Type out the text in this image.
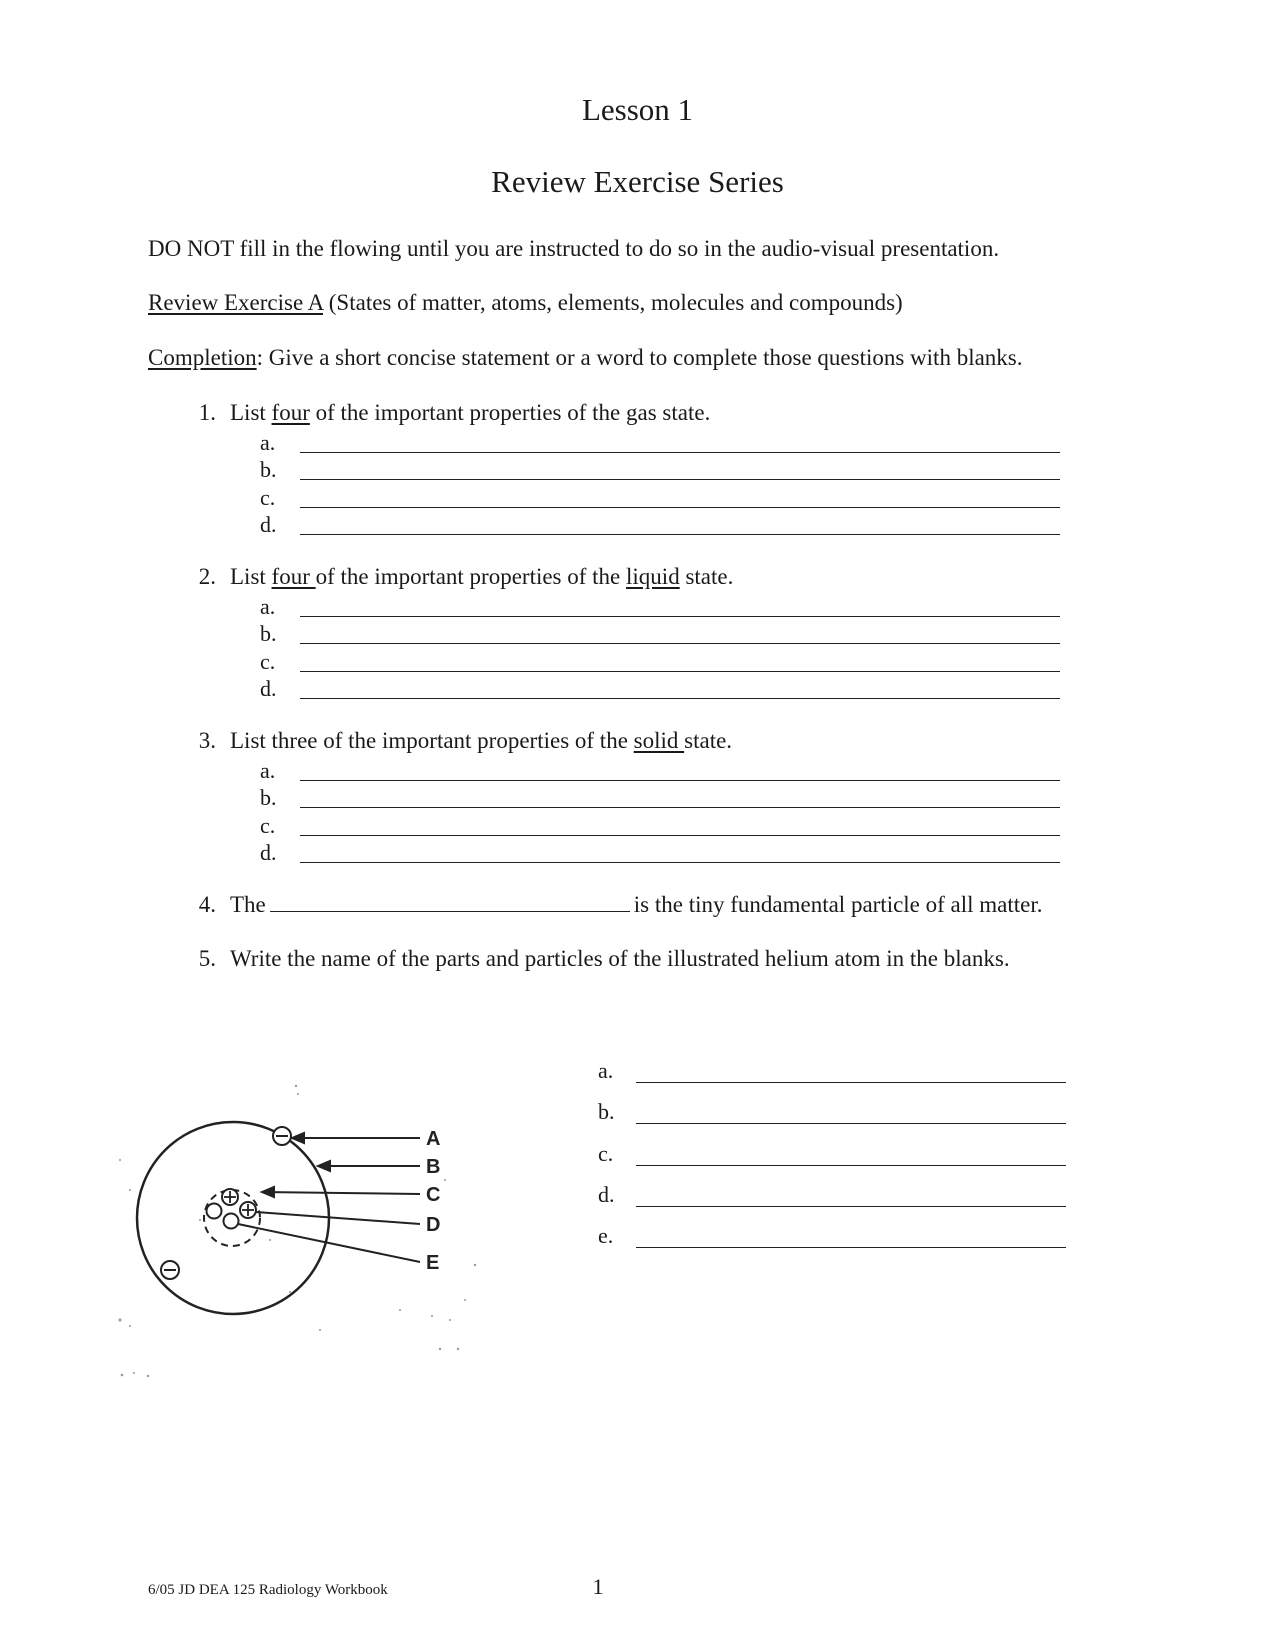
Lesson 1
Review Exercise Series
DO NOT fill in the flowing until you are instructed to do so in the audio-visual presentation.
Review Exercise A (States of matter, atoms, elements, molecules and compounds)
Completion: Give a short concise statement or a word to complete those questions with blanks.
1. List four of the important properties of the gas state.
a.
b.
c.
d.
2. List four of the important properties of the liquid state.
a.
b.
c.
d.
3. List three of the important properties of the solid state.
a.
b.
c.
d.
4. The	is the tiny fundamental particle of all matter.
5. Write the name of the parts and particles of the illustrated helium atom in the blanks.
A
B
C
D
E
a.
b.
c.
d.
e.
6/05 JD DEA 125 Radiology Workbook	1
